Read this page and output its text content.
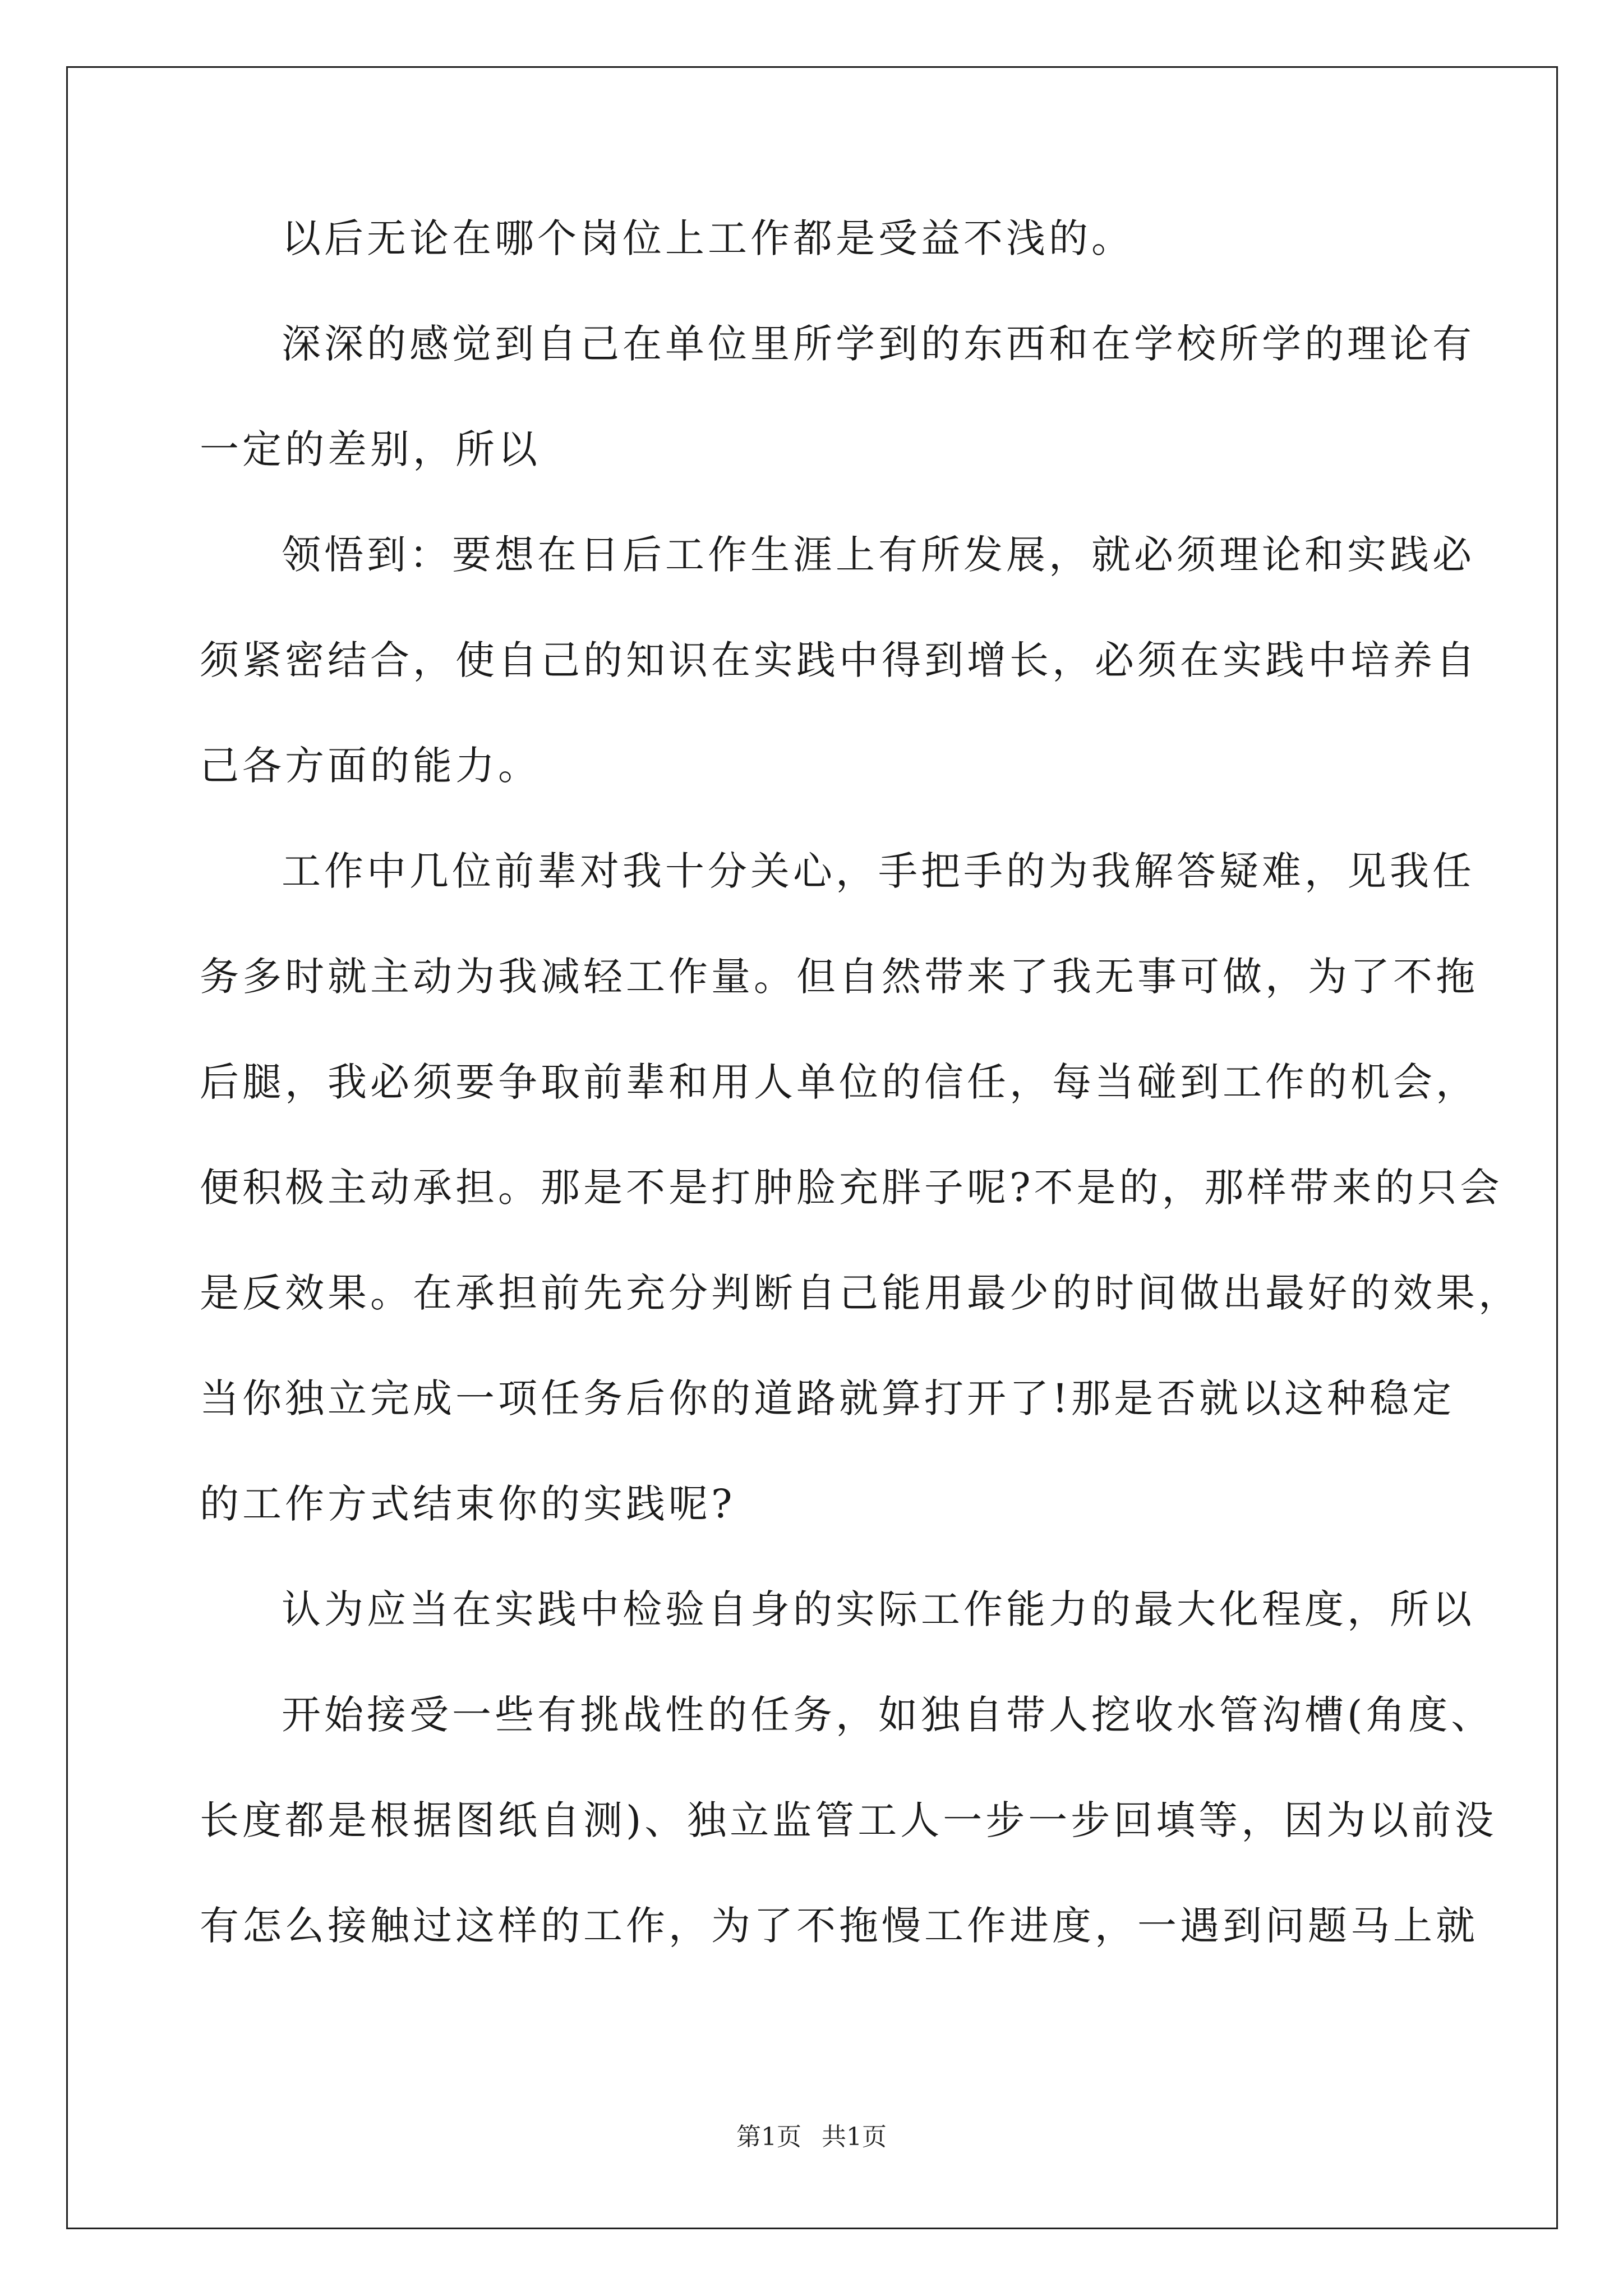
以后无论在哪个岗位上工作都是受益不浅的。
深深的感觉到自己在单位里所学到的东西和在学校所学的理论有
一定的差别，所以
领悟到：要想在日后工作生涯上有所发展，就必须理论和实践必
须紧密结合，使自己的知识在实践中得到增长，必须在实践中培养自
己各方面的能力。
工作中几位前辈对我十分关心，手把手的为我解答疑难，见我任
务多时就主动为我减轻工作量。但自然带来了我无事可做，为了不拖
后腿，我必须要争取前辈和用人单位的信任，每当碰到工作的机会，
便积极主动承担。那是不是打肿脸充胖子呢?不是的，那样带来的只会
是反效果。在承担前先充分判断自己能用最少的时间做出最好的效果，
当你独立完成一项任务后你的道路就算打开了!那是否就以这种稳定
的工作方式结束你的实践呢?
认为应当在实践中检验自身的实际工作能力的最大化程度，所以
开始接受一些有挑战性的任务，如独自带人挖收水管沟槽(角度、
长度都是根据图纸自测)、独立监管工人一步一步回填等，因为以前没
有怎么接触过这样的工作，为了不拖慢工作进度，一遇到问题马上就
第1页 共1页
